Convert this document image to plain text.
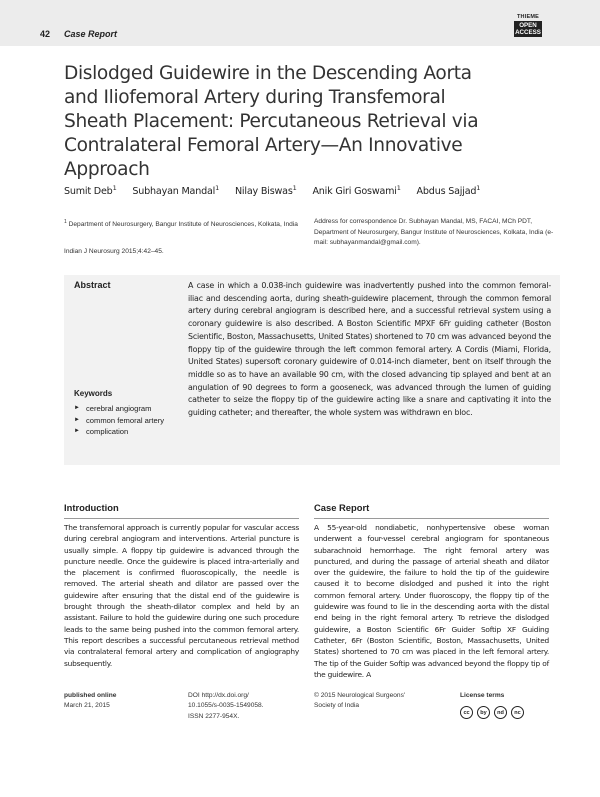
42 Case Report
THIEME
OPEN
ACCESS
Dislodged Guidewire in the Descending Aorta and Iliofemoral Artery during Transfemoral Sheath Placement: Percutaneous Retrieval via Contralateral Femoral Artery—An Innovative Approach
Sumit Deb$^1$ Subhayan Mandal$^1$ Nilay Biswas$^1$ Anik Giri Goswami$^1$ Abdus Sajjad$^1$
$^1$ Department of Neurosurgery, Bangur Institute of Neurosciences, Kolkata, India
Indian J Neurosurg 2015;4:42–45.
Address for correspondence Dr. Subhayan Mandal, MS, FACAI, MCh PDT, Department of Neurosurgery, Bangur Institute of Neurosciences, Kolkata, India (e-mail: subhayanmandal@gmail.com).
Abstract	A case in which a 0.038-inch guidewire was inadvertently pushed into the common femoral-iliac and descending aorta, during sheath-guidewire placement, through the common femoral artery during cerebral angiogram is described here, and a successful retrieval system using a coronary guidewire is also described. A Boston Scientific MPXF 6Fr guiding catheter (Boston Scientific, Boston, Massachusetts, United States) shortened to 70 cm was advanced beyond the floppy tip of the guidewire through the left common femoral artery. A Cordis (Miami, Florida, United States) supersoft coronary guidewire of 0.014-inch diameter, bent on itself through the middle so as to have an available 90 cm, with the closed advancing tip splayed and bent at an angulation of 90 degrees to form a gooseneck, was advanced through the lumen of guiding catheter to seize the floppy tip of the guidewire acting like a snare and captivating it into the guiding catheter; and thereafter, the whole system was withdrawn en bloc.

Keywords
► cerebral angiogram
► common femoral artery
► complication
Introduction

The transfemoral approach is currently popular for vascular access during cerebral angiogram and interventions. Arterial puncture is usually simple. A floppy tip guidewire is advanced through the puncture needle. Once the guidewire is placed intra-arterially and the placement is confirmed fluoroscopically, the needle is removed. The arterial sheath and dilator are passed over the guidewire after ensuring that the distal end of the guidewire is brought through the sheath-dilator complex and held by an assistant. Failure to hold the guidewire during one such procedure leads to the same being pushed into the common femoral artery. This report describes a successful percutaneous retrieval method via contralateral femoral artery and complication of angiography subsequently.

Case Report

A 55-year-old nondiabetic, nonhypertensive obese woman underwent a four-vessel cerebral angiogram for spontaneous subarachnoid hemorrhage. The right femoral artery was punctured, and during the passage of arterial sheath and dilator over the guidewire, the failure to hold the tip of the guidewire caused it to become dislodged and pushed it into the right common femoral artery. Under fluoroscopy, the floppy tip of the guidewire was found to lie in the descending aorta with the distal end being in the right femoral artery. To retrieve the dislodged guidewire, a Boston Scientific 6Fr Guider Softip XF Guiding Catheter, 6Fr (Boston Scientific, Boston, Massachusetts, United States) shortened to 70 cm was placed in the left femoral artery. The tip of the Guider Softip was advanced beyond the floppy tip of the guidewire. A

published online
March 21, 2015
DOI http://dx.doi.org/
10.1055/s-0035-1549058.
ISSN 2277-954X.
© 2015 Neurological Surgeons'
Society of India
License terms
cc	by	nd	nc
